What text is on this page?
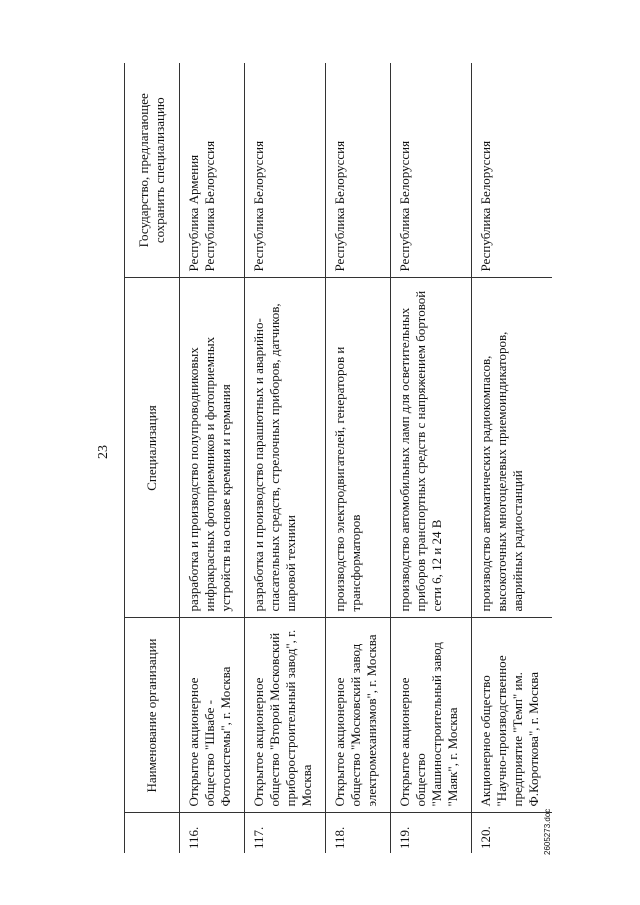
23
	Наименование организации	Специализация	Государство, предлагающее сохранить специализацию
116.	Открытое акционерное общество "Швабе - Фотосистемы", г. Москва	разработка и производство полупроводниковых инфракрасных фотоприемников и фотоприемных устройств на основе кремния и германия	Республика Армения Республика Белоруссия

117.	Открытое акционерное общество "Второй Московский приборостроительный завод", г. Москва	разработка и производство парашютных и аварийно-спасательных средств, стрелочных приборов, датчиков, шаровой техники	Республика Белоруссия

118.	Открытое акционерное общество "Московский завод электромеханизмов", г. Москва	производство электродвигателей, генераторов и трансформаторов	Республика Белоруссия

119.	Открытое акционерное общество "Машиностроительный завод "Маяк", г. Москва	производство автомобильных ламп для осветительных приборов транспортных средств с напряжением бортовой сети 6, 12 и 24 В	Республика Белоруссия

120.	Акционерное общество "Научно-производственное предприятие "Темп" им. Ф.Короткова", г. Москва	производство автоматических радиокомпасов, высокоточных многоцелевых приемоиндикаторов, аварийных радиостанций	Республика Белоруссия
2605273.doc
